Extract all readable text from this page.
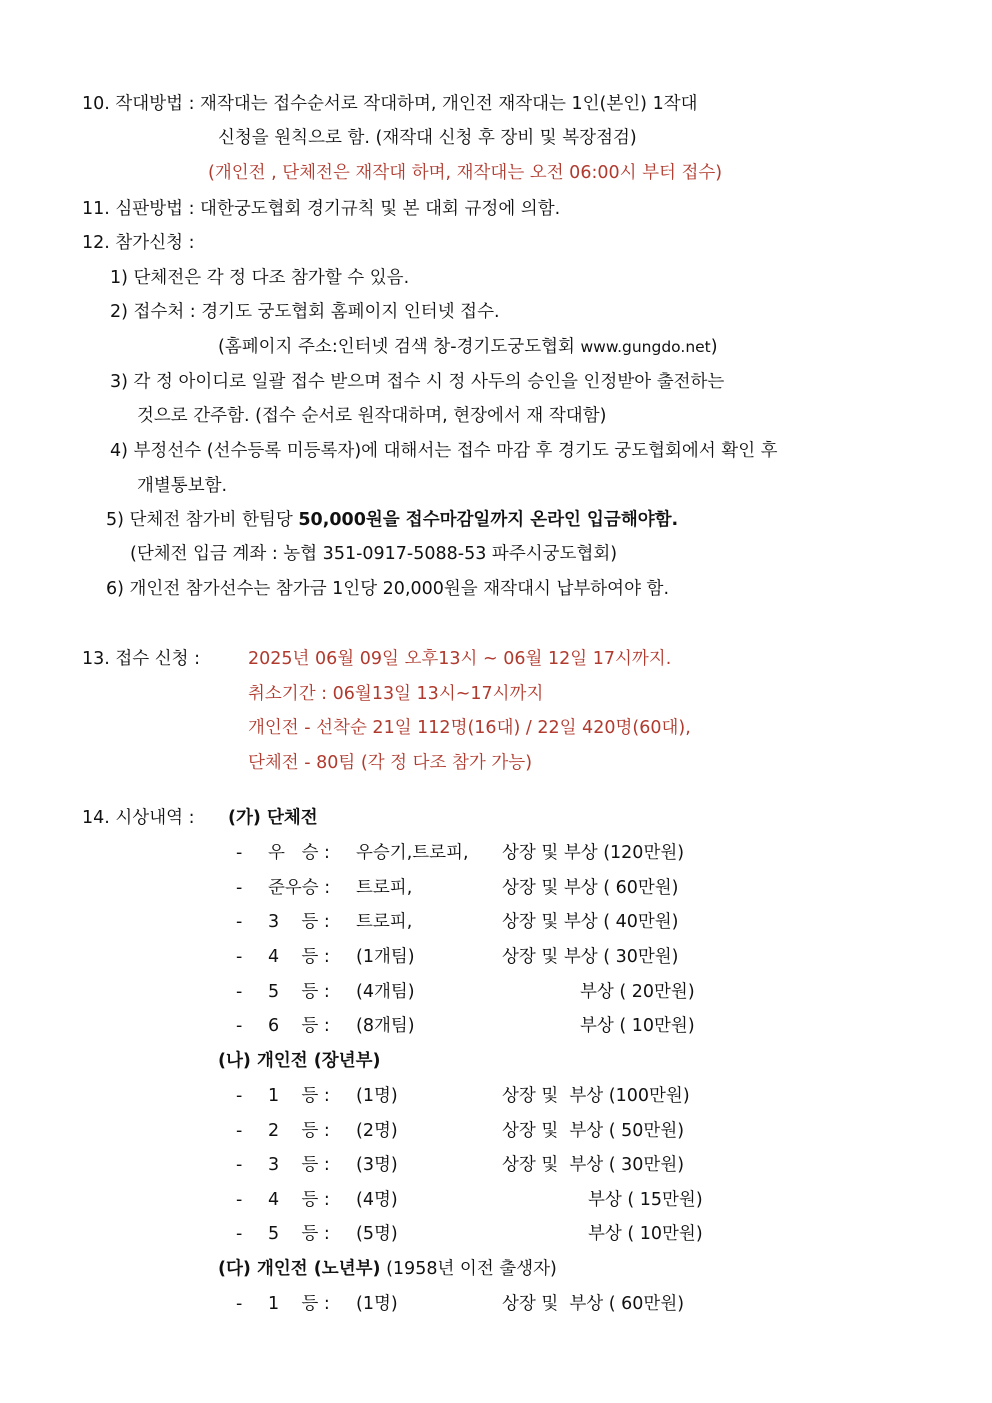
10. 작대방법 : 재작대는 접수순서로 작대하며, 개인전 재작대는 1인(본인) 1작대
신청을 원칙으로 함. (재작대 신청 후 장비 및 복장점검)
(개인전 , 단체전은 재작대 하며, 재작대는 오전 06:00시 부터 접수)
11. 심판방법 : 대한궁도협회 경기규칙 및 본 대회 규정에 의함.
12. 참가신청 :
1) 단체전은 각 정 다조 참가할 수 있음.
2) 접수처 : 경기도 궁도협회 홈페이지 인터넷 접수.
(홈페이지 주소:인터넷 검색 창-경기도궁도협회 www.gungdo.net)
3) 각 정 아이디로 일괄 접수 받으며 접수 시 정 사두의 승인을 인정받아 출전하는
것으로 간주함. (접수 순서로 원작대하며, 현장에서 재 작대함)
4) 부정선수 (선수등록 미등록자)에 대해서는 접수 마감 후 경기도 궁도협회에서 확인 후
개별통보함.
5) 단체전 참가비 한팀당 50,000원을 접수마감일까지 온라인 입금해야함.
(단체전 입금 계좌 : 농협 351-0917-5088-53 파주시궁도협회)
6) 개인전 참가선수는 참가금 1인당 20,000원을 재작대시 납부하여야 함.
13. 접수 신청 :	2025년 06월 09일 오후13시 ~ 06월 12일 17시까지.
취소기간 : 06월13일 13시~17시까지
개인전 - 선착순 21일 112명(16대) / 22일 420명(60대),
단체전 - 80팀 (각 정 다조 참가 가능)
14. 시상내역 : (가) 단체전
- 우   승 : 우승기,트로피, 상장 및 부상 (120만원)
- 준우승 : 트로피,	상장 및 부상 ( 60만원)
- 3    등 : 트로피,	상장 및 부상 ( 40만원)
- 4    등 : (1개팀)	상장 및 부상 ( 30만원)
- 5    등 : (4개팀)	부상 ( 20만원)
- 6    등 : (8개팀)	부상 ( 10만원)
(나) 개인전 (장년부)
- 1    등 : (1명)	상장 및  부상 (100만원)
- 2    등 : (2명)	상장 및  부상 ( 50만원)
- 3    등 : (3명)	상장 및  부상 ( 30만원)
- 4    등 : (4명)	부상 ( 15만원)
- 5    등 : (5명)	부상 ( 10만원)
(다) 개인전 (노년부) (1958년 이전 출생자)
- 1    등 : (1명)	상장 및  부상 ( 60만원)
